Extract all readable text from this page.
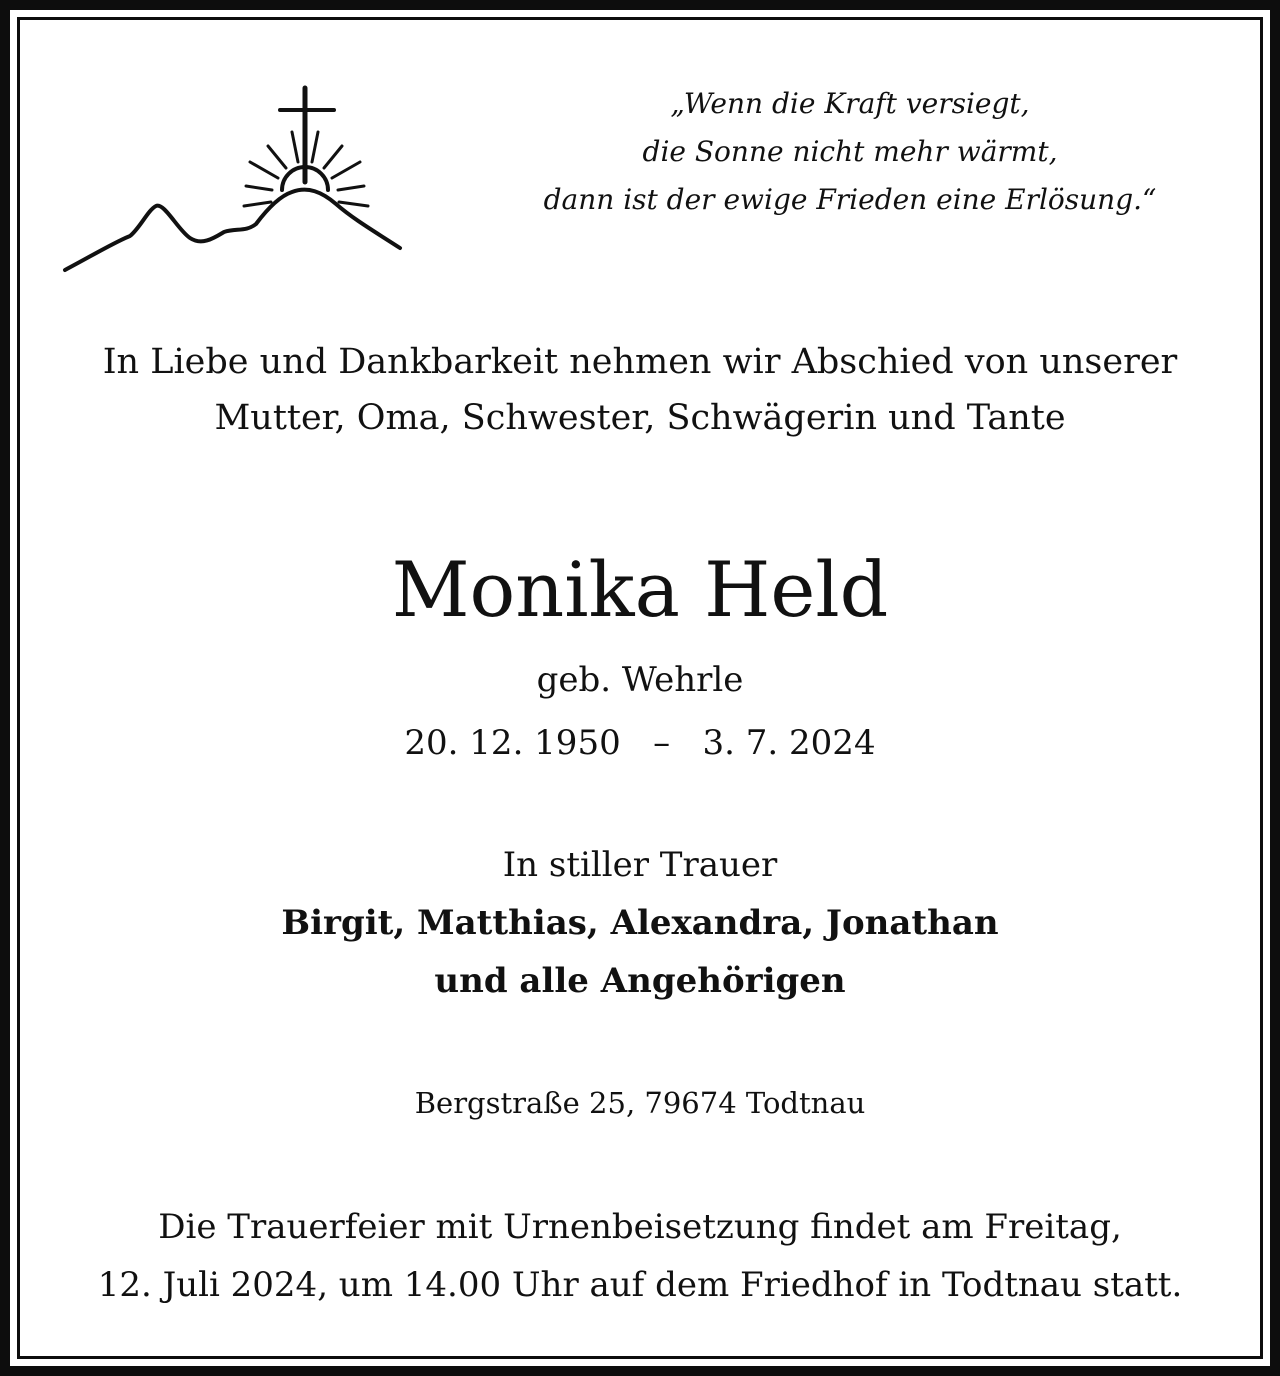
„Wenn die Kraft versiegt,
die Sonne nicht mehr wärmt,
dann ist der ewige Frieden eine Erlösung.“
In Liebe und Dankbarkeit nehmen wir Abschied von unserer
Mutter, Oma, Schwester, Schwägerin und Tante
Monika Held
geb. Wehrle
20. 12. 1950   –   3. 7. 2024
In stiller Trauer
Birgit, Matthias, Alexandra, Jonathan
und alle Angehörigen
Bergstraße 25, 79674 Todtnau
Die Trauerfeier mit Urnenbeisetzung findet am Freitag,
12. Juli 2024, um 14.00 Uhr auf dem Friedhof in Todtnau statt.
